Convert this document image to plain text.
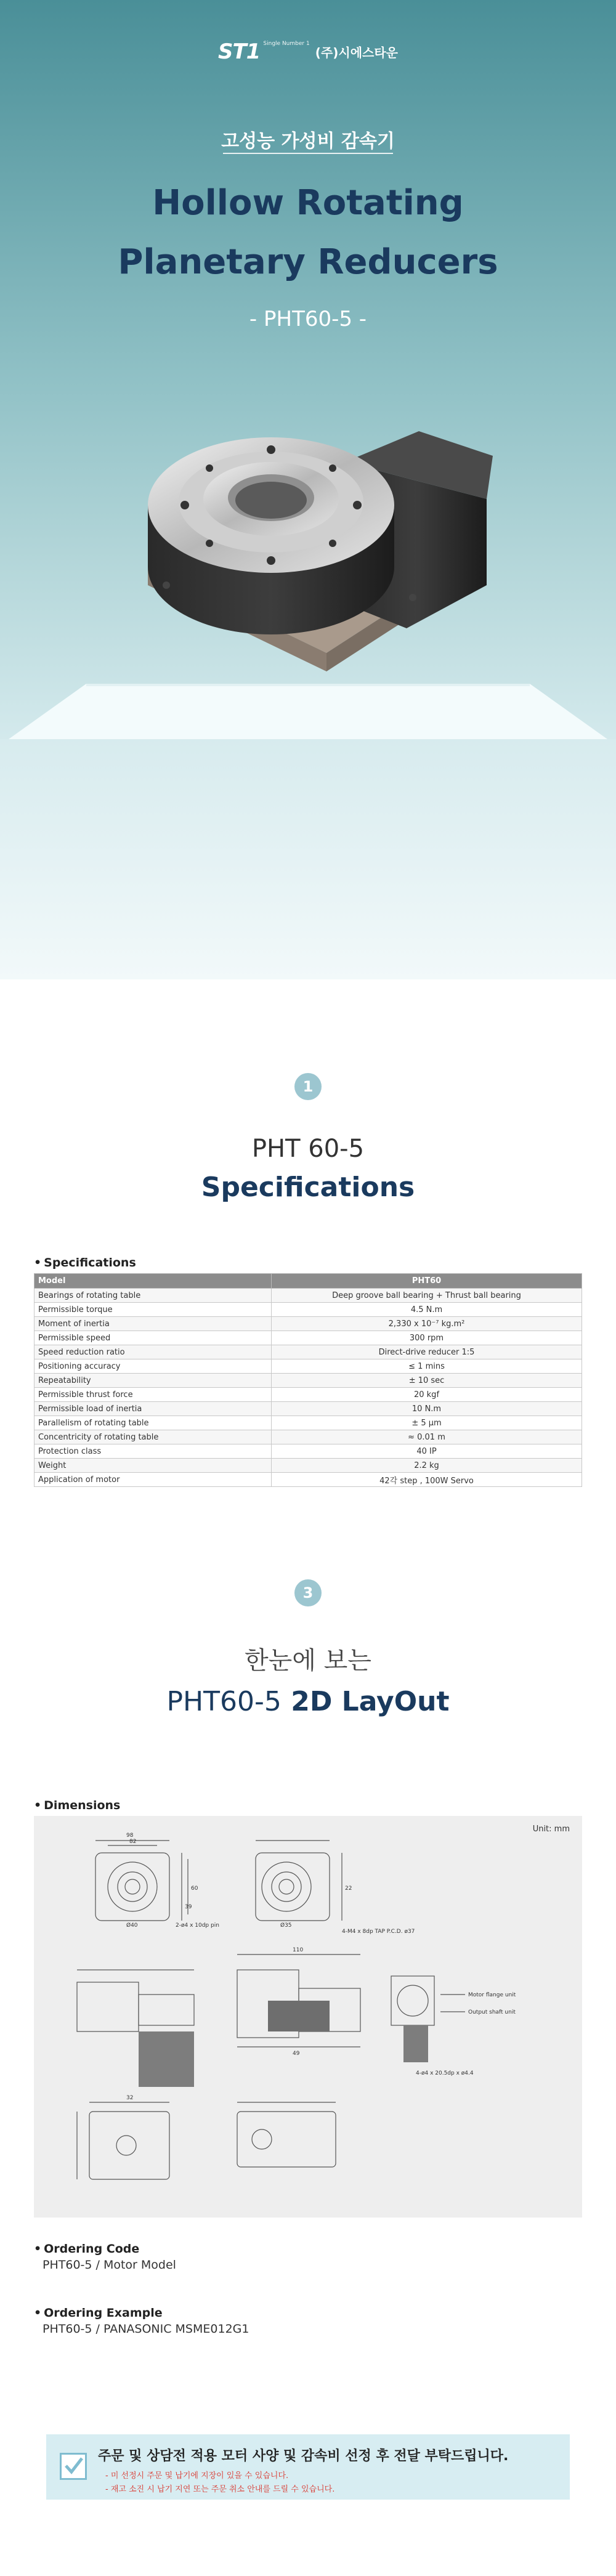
ST1 $^{Single Number 1}$ (주)시에스타운
고성능 가성비 감속기
Hollow Rotating
Planetary Reducers
- PHT60-5 -
1
PHT 60-5
Specifications
• Specifications
Model	PHT60
Bearings of rotating table	Deep groove ball bearing + Thrust ball bearing
Permissible torque	4.5 N.m
Moment of inertia	2,330 x 10⁻⁷ kg.m²
Permissible speed	300 rpm
Speed reduction ratio	Direct-drive reducer 1:5
Positioning accuracy	≤ 1 mins
Repeatability	± 10 sec
Permissible thrust force	20 kgf
Permissible load of inertia	10 N.m
Parallelism of rotating table	± 5 μm
Concentricity of rotating table	≈ 0.01 m
Protection class	40 IP
Weight	2.2 kg
Application of motor	42각 step , 100W Servo
3
한눈에 보는
PHT60-5 2D LayOut
• Dimensions
Unit: mm
98
82
60
39
22
Ø40	Ø35
110
49
32
Motor flange unit
Output shaft unit
2-ø4 x 10dp pin
4-M4 x 8dp TAP P.C.D. ø37
4-ø4 x 20.5dp x ø4.4
• Ordering Code
PHT60-5 / Motor Model
• Ordering Example
PHT60-5 / PANASONIC MSME012G1
주문 및 상담전 적용 모터 사양 및 감속비 선정 후 전달 부탁드립니다.
- 미 선정시 주문 및 납기에 지장이 있을 수 있습니다.
- 재고 소진 시 납기 지연 또는 주문 취소 안내를 드릴 수 있습니다.
